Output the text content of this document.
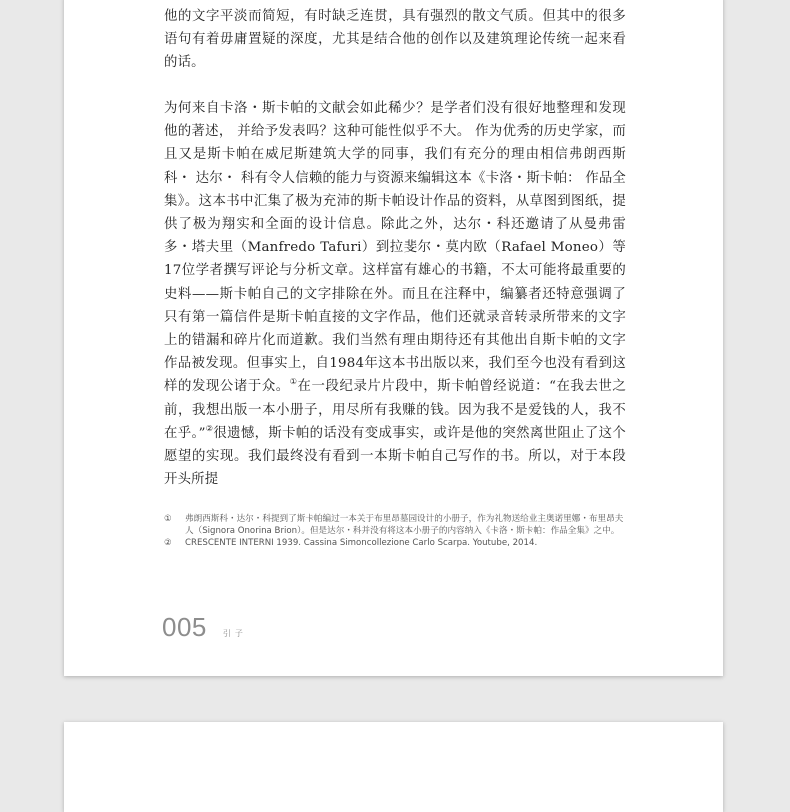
他的文字平淡而简短，有时缺乏连贯，具有强烈的散文气质。但其中的很多语句有着毋庸置疑的深度，尤其是结合他的创作以及建筑理论传统一起来看的话。

为何来自卡洛・斯卡帕的文献会如此稀少？是学者们没有很好地整理和发现他的著述， 并给予发表吗？这种可能性似乎不大。 作为优秀的历史学家，而且又是斯卡帕在威尼斯建筑大学的同事，我们有充分的理由相信弗朗西斯科・ 达尔・ 科有令人信赖的能力与资源来编辑这本《卡洛・斯卡帕： 作品全集》。这本书中汇集了极为充沛的斯卡帕设计作品的资料，从草图到图纸，提供了极为翔实和全面的设计信息。除此之外，达尔・科还邀请了从曼弗雷多・塔夫里（Manfredo Tafuri）到拉斐尔・莫内欧（Rafael Moneo）等17位学者撰写评论与分析文章。这样富有雄心的书籍，不太可能将最重要的史料——斯卡帕自己的文字排除在外。而且在注释中，编纂者还特意强调了只有第一篇信件是斯卡帕直接的文字作品，他们还就录音转录所带来的文字上的错漏和碎片化而道歉。我们当然有理由期待还有其他出自斯卡帕的文字作品被发现。但事实上，自1984年这本书出版以来，我们至今也没有看到这样的发现公诸于众。①在一段纪录片片段中，斯卡帕曾经说道：“在我去世之前，我想出版一本小册子，用尽所有我赚的钱。因为我不是爱钱的人，我不在乎。”②很遗憾，斯卡帕的话没有变成事实，或许是他的突然离世阻止了这个愿望的实现。我们最终没有看到一本斯卡帕自己写作的书。所以，对于本段开头所提

①	弗朗西斯科・达尔・科提到了斯卡帕编过一本关于布里昂墓园设计的小册子，作为礼物送给业主奥诺里娜・布里昂夫人（Signora Onorina Brion）。但是达尔・科并没有将这本小册子的内容纳入《卡洛・斯卡帕：作品全集》之中。
②	CRESCENTE INTERNI 1939. Cassina Simoncollezione Carlo Scarpa. Youtube, 2014.
005 引子
